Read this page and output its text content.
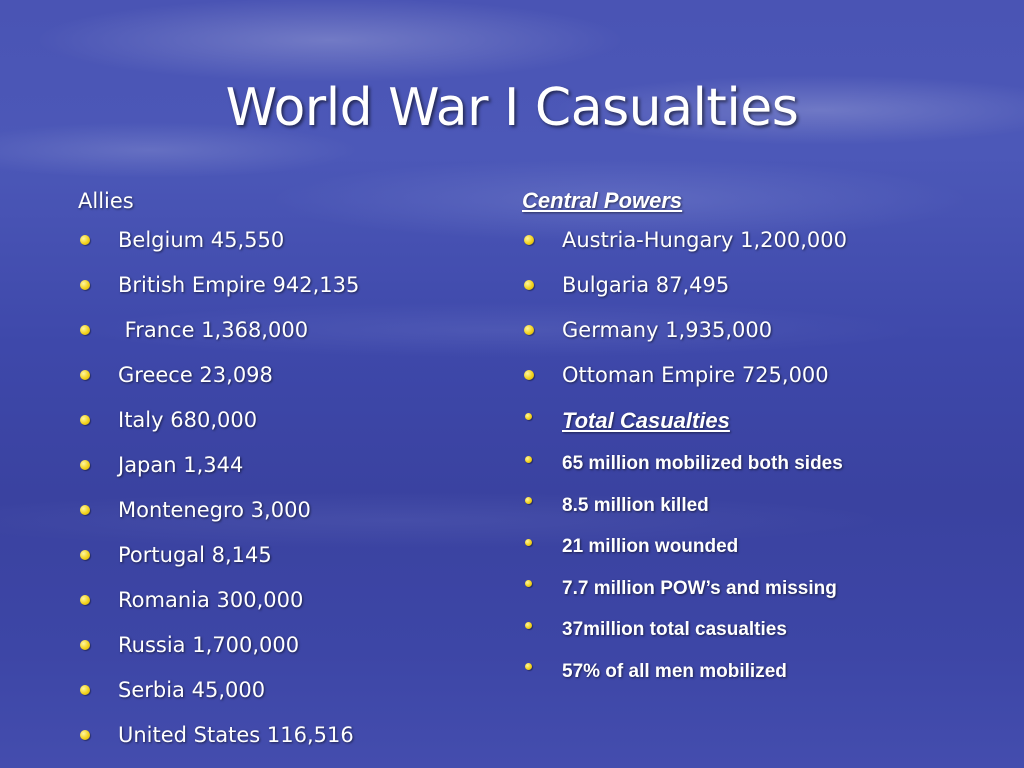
World War I Casualties
Allies
Belgium 45,550
British Empire 942,135
France 1,368,000
Greece 23,098
Italy 680,000
Japan 1,344
Montenegro 3,000
Portugal 8,145
Romania 300,000
Russia 1,700,000
Serbia 45,000
United States 116,516
Central Powers
Austria-Hungary 1,200,000
Bulgaria 87,495
Germany 1,935,000
Ottoman Empire 725,000
Total Casualties
65 million mobilized both sides
8.5 million killed
21 million wounded
7.7 million POW’s and missing
37million total casualties
57% of all men mobilized
